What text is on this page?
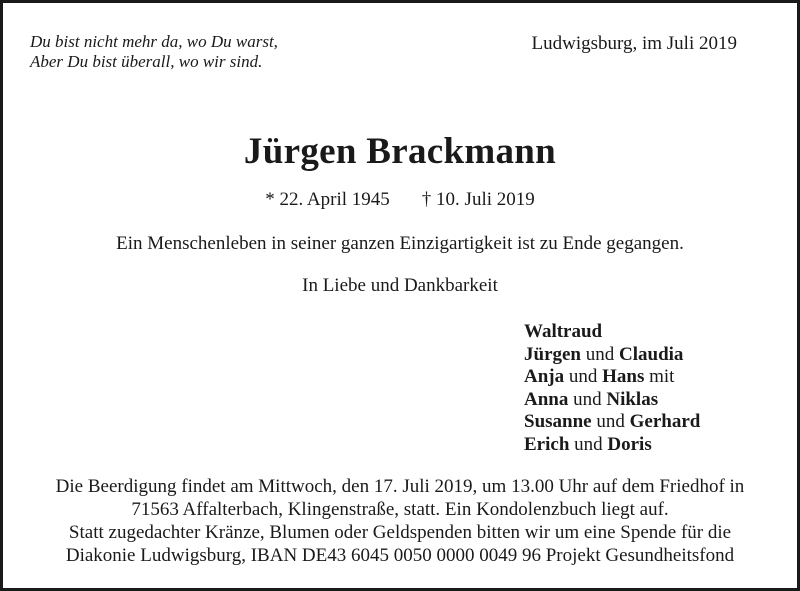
Du bist nicht mehr da, wo Du warst,
Aber Du bist überall, wo wir sind.
Ludwigsburg, im Juli 2019
Jürgen Brackmann
* 22. April 1945 † 10. Juli 2019
Ein Menschenleben in seiner ganzen Einzigartigkeit ist zu Ende gegangen.
In Liebe und Dankbarkeit
Waltraud
Jürgen und Claudia
Anja und Hans mit
Anna und Niklas
Susanne und Gerhard
Erich und Doris
Die Beerdigung findet am Mittwoch, den 17. Juli 2019, um 13.00 Uhr auf dem Friedhof in
71563 Affalterbach, Klingenstraße, statt. Ein Kondolenzbuch liegt auf.
Statt zugedachter Kränze, Blumen oder Geldspenden bitten wir um eine Spende für die
Diakonie Ludwigsburg, IBAN DE43 6045 0050 0000 0049 96 Projekt Gesundheitsfond
